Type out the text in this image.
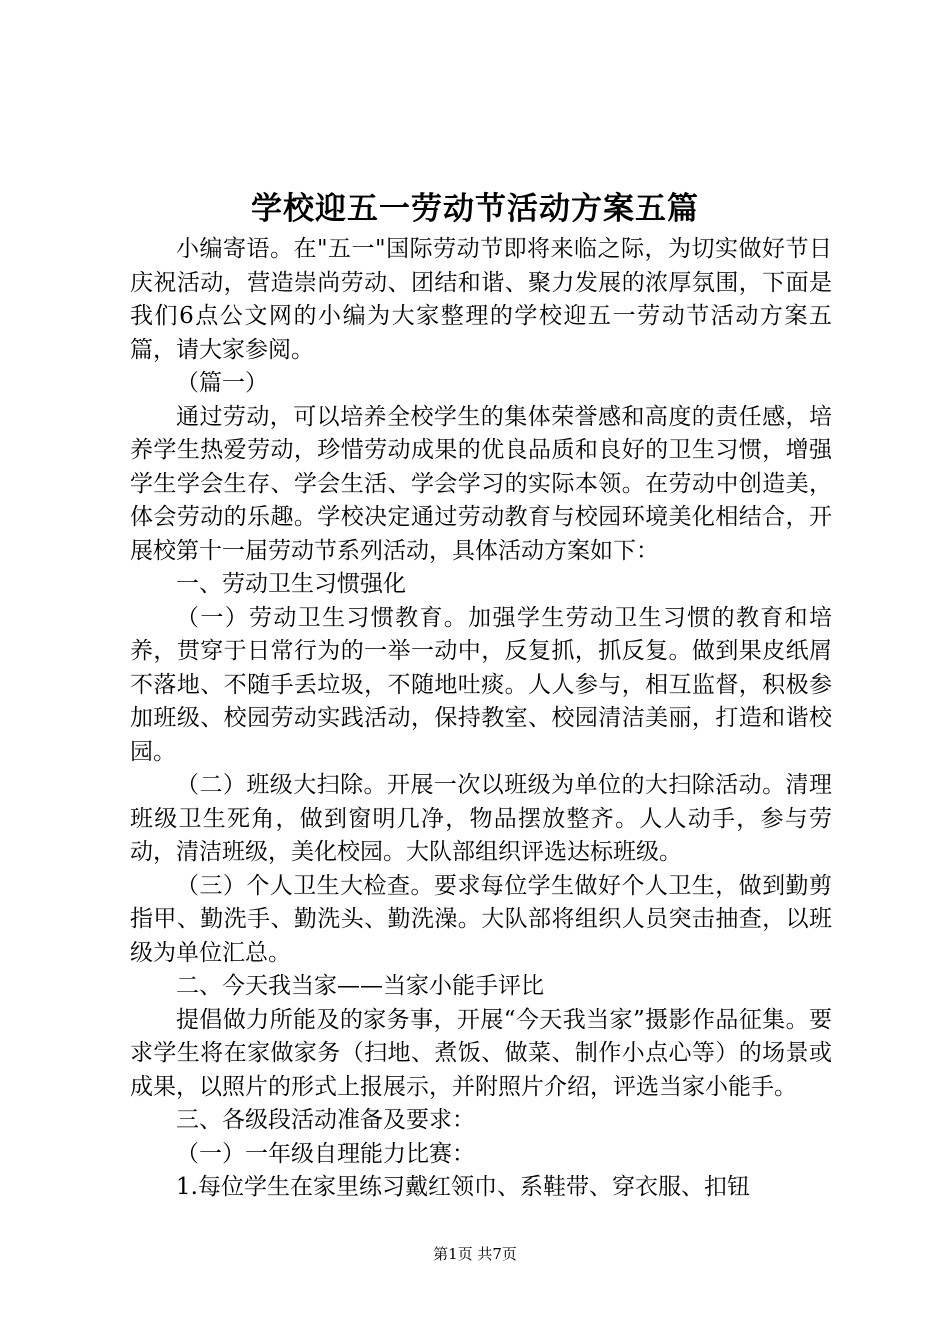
学校迎五一劳动节活动方案五篇

小编寄语。在"五一"国际劳动节即将来临之际，为切实做好节日庆祝活动，营造崇尚劳动、团结和谐、聚力发展的浓厚氛围，下面是我们6点公文网的小编为大家整理的学校迎五一劳动节活动方案五篇，请大家参阅。

（篇一）

通过劳动，可以培养全校学生的集体荣誉感和高度的责任感，培养学生热爱劳动，珍惜劳动成果的优良品质和良好的卫生习惯，增强学生学会生存、学会生活、学会学习的实际本领。在劳动中创造美，体会劳动的乐趣。学校决定通过劳动教育与校园环境美化相结合，开展校第十一届劳动节系列活动，具体活动方案如下：

一、劳动卫生习惯强化

（一）劳动卫生习惯教育。加强学生劳动卫生习惯的教育和培养，贯穿于日常行为的一举一动中，反复抓，抓反复。做到果皮纸屑不落地、不随手丢垃圾，不随地吐痰。人人参与，相互监督，积极参加班级、校园劳动实践活动，保持教室、校园清洁美丽，打造和谐校园。

（二）班级大扫除。开展一次以班级为单位的大扫除活动。清理班级卫生死角，做到窗明几净，物品摆放整齐。人人动手，参与劳动，清洁班级，美化校园。大队部组织评选达标班级。

（三）个人卫生大检查。要求每位学生做好个人卫生，做到勤剪指甲、勤洗手、勤洗头、勤洗澡。大队部将组织人员突击抽查，以班级为单位汇总。

二、今天我当家——当家小能手评比

提倡做力所能及的家务事，开展“今天我当家”摄影作品征集。要求学生将在家做家务（扫地、煮饭、做菜、制作小点心等）的场景或成果，以照片的形式上报展示，并附照片介绍，评选当家小能手。

三、各级段活动准备及要求：

（一）一年级自理能力比赛：

1.每位学生在家里练习戴红领巾、系鞋带、穿衣服、扣钮

第1页 共7页
